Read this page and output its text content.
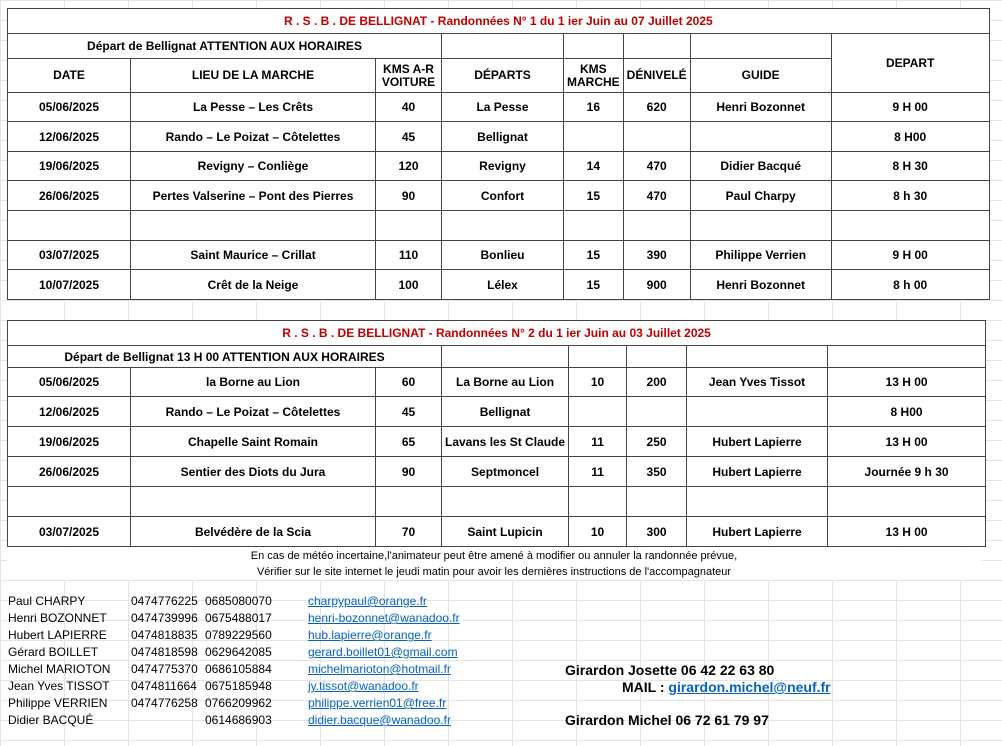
R . S . B . DE BELLIGNAT - Randonnées N° 1 du 1 ier Juin au 07 Juillet 2025							
Départ de Bellignat ATTENTION AUX HORAIRES							DEPART
DATE	LIEU DE LA MARCHE	KMS A-R VOITURE	DÉPARTS	KMS MARCHE	DÉNIVELÉ	GUIDE	
05/06/2025	La Pesse – Les Crêts	40	La Pesse	16	620	Henri Bozonnet	9 H 00
12/06/2025	Rando – Le Poizat – Côtelettes	45	Bellignat				8 H00
19/06/2025	Revigny – Conliège	120	Revigny	14	470	Didier Bacqué	8 H 30
26/06/2025	Pertes Valserine – Pont des Pierres	90	Confort	15	470	Paul Charpy	8 h 30

03/07/2025	Saint Maurice – Crillat	110	Bonlieu	15	390	Philippe Verrien	9 H 00
10/07/2025	Crêt de la Neige	100	Lélex	15	900	Henri Bozonnet	8 h 00
R . S . B . DE BELLIGNAT - Randonnées N° 2 du 1 ier Juin au 03 Juillet 2025							
Départ de Bellignat 13 H 00 ATTENTION AUX HORAIRES							
05/06/2025	la Borne au Lion	60	La Borne au Lion	10	200	Jean Yves Tissot	13 H 00
12/06/2025	Rando – Le Poizat – Côtelettes	45	Bellignat				8 H00
19/06/2025	Chapelle Saint Romain	65	Lavans les St Claude	11	250	Hubert Lapierre	13 H 00
26/06/2025	Sentier des Diots du Jura	90	Septmoncel	11	350	Hubert Lapierre	Journée 9 h 30

03/07/2025	Belvédère de la Scia	70	Saint Lupicin	10	300	Hubert Lapierre	13 H 00
En cas de météo incertaine,l'animateur peut être amené à modifier ou annuler la randonnée prévue,
Vérifier sur le site internet le jeudi matin pour avoir les dernières instructions de l'accompagnateur
Paul CHARPY	0474776225 0685080070	charpypaul@orange.fr
Henri BOZONNET 0474739996 0675488017	henri-bozonnet@wanadoo.fr
Hubert LAPIERRE 0474818835 0789229560	hub.lapierre@orange.fr
Gérard BOILLET	0474818598 0629642085	gerard.boillet01@gmail.com
Michel MARIOTON 0474775370 0686105884	michelmarioton@hotmail.fr
Jean Yves TISSOT 0474811664 0675185948	jy.tissot@wanadoo.fr
Philippe VERRIEN 0474776258 0766209962	philippe.verrien01@free.fr
Didier BACQUÉ	0614686903	didier.bacque@wanadoo.fr
Girardon Josette 06 42 22 63 80
MAIL : girardon.michel@neuf.fr
Girardon Michel 06 72 61 79 97
